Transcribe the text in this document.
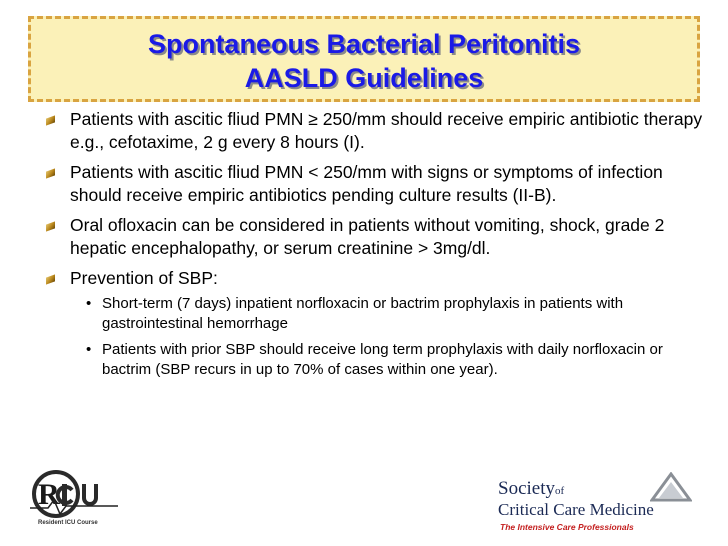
Spontaneous Bacterial Peritonitis
AASLD Guidelines
Patients with ascitic fliud PMN ≥ 250/mm should receive empiric antibiotic therapy e.g., cefotaxime, 2 g every 8 hours (I).
Patients with ascitic fliud PMN < 250/mm with signs or symptoms of infection should receive empiric antibiotics pending culture results (II-B).
Oral ofloxacin can be considered in patients without vomiting, shock, grade 2 hepatic encephalopathy, or serum creatinine > 3mg/dl.
Prevention of SBP:
• Short-term (7 days) inpatient norfloxacin or bactrim prophylaxis in patients with gastrointestinal hemorrhage
• Patients with prior SBP should receive long term prophylaxis with daily norfloxacin or bactrim (SBP recurs in up to 70% of cases within one year).
R
Resident ICU Course
Societyof
Critical Care Medicine
The Intensive Care Professionals
